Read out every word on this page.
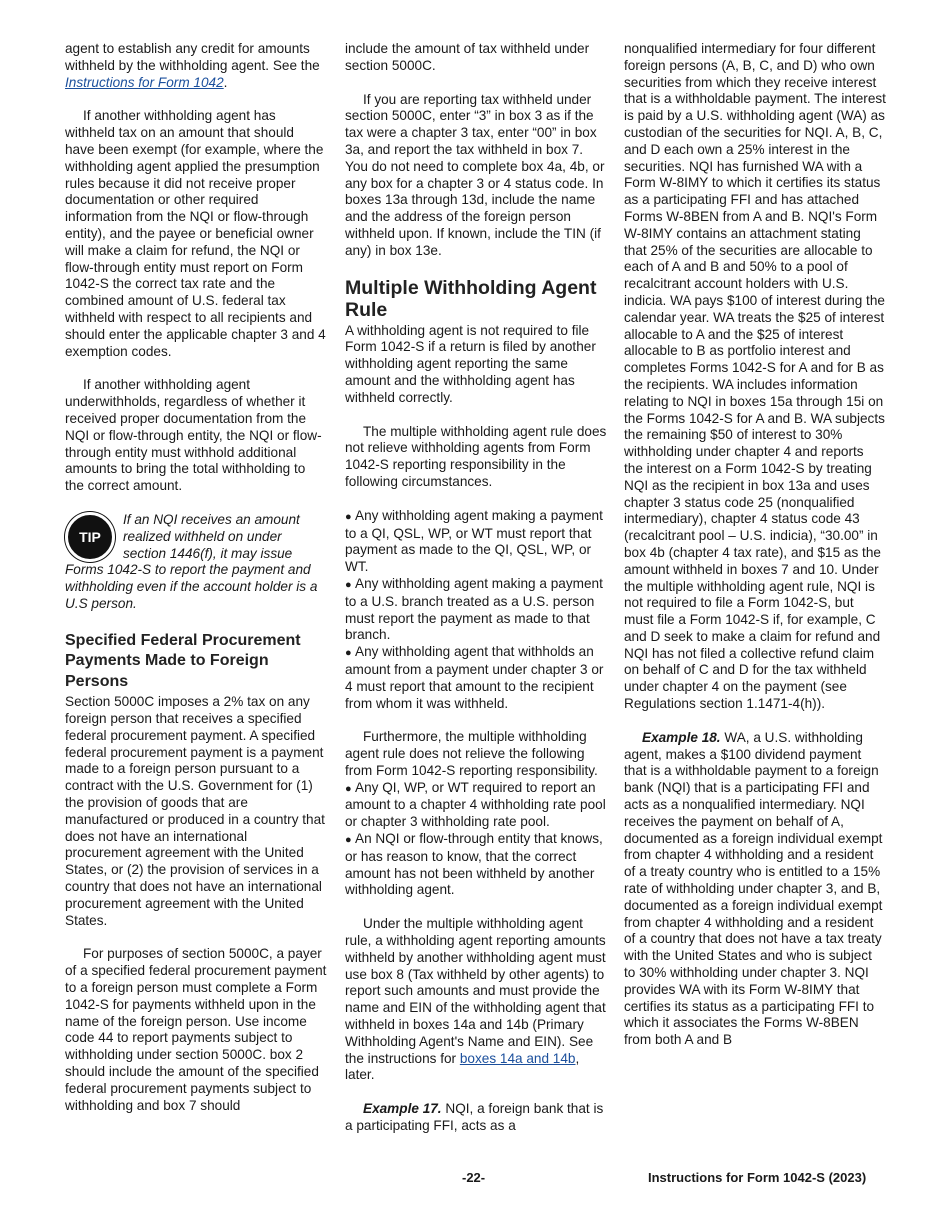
agent to establish any credit for amounts withheld by the withholding agent. See the Instructions for Form 1042.

If another withholding agent has withheld tax on an amount that should have been exempt (for example, where the withholding agent applied the presumption rules because it did not receive proper documentation or other required information from the NQI or flow-through entity), and the payee or beneficial owner will make a claim for refund, the NQI or flow-through entity must report on Form 1042-S the correct tax rate and the combined amount of U.S. federal tax withheld with respect to all recipients and should enter the applicable chapter 3 and 4 exemption codes.

If another withholding agent underwithholds, regardless of whether it received proper documentation from the NQI or flow-through entity, the NQI or flow-through entity must withhold additional amounts to bring the total withholding to the correct amount.

TIP
If an NQI receives an amount realized withheld on under section 1446(f), it may issue Forms 1042-S to report the payment and withholding even if the account holder is a U.S person.
Specified Federal Procurement Payments Made to Foreign Persons

Section 5000C imposes a 2% tax on any foreign person that receives a specified federal procurement payment. A specified federal procurement payment is a payment made to a foreign person pursuant to a contract with the U.S. Government for (1) the provision of goods that are manufactured or produced in a country that does not have an international procurement agreement with the United States, or (2) the provision of services in a country that does not have an international procurement agreement with the United States.

For purposes of section 5000C, a payer of a specified federal procurement payment to a foreign person must complete a Form 1042-S for payments withheld upon in the name of the foreign person. Use income code 44 to report payments subject to withholding under section 5000C. box 2 should include the amount of the specified federal procurement payments subject to withholding and box 7 should

include the amount of tax withheld under section 5000C.

If you are reporting tax withheld under section 5000C, enter “3” in box 3 as if the tax were a chapter 3 tax, enter “00” in box 3a, and report the tax withheld in box 7. You do not need to complete box 4a, 4b, or any box for a chapter 3 or 4 status code. In boxes 13a through 13d, include the name and the address of the foreign person withheld upon. If known, include the TIN (if any) in box 13e.

Multiple Withholding Agent Rule

A withholding agent is not required to file Form 1042-S if a return is filed by another withholding agent reporting the same amount and the withholding agent has withheld correctly.

The multiple withholding agent rule does not relieve withholding agents from Form 1042-S reporting responsibility in the following circumstances.

● Any withholding agent making a payment to a QI, QSL, WP, or WT must report that payment as made to the QI, QSL, WP, or WT.
● Any withholding agent making a payment to a U.S. branch treated as a U.S. person must report the payment as made to that branch.
● Any withholding agent that withholds an amount from a payment under chapter 3 or 4 must report that amount to the recipient from whom it was withheld.

Furthermore, the multiple withholding agent rule does not relieve the following from Form 1042-S reporting responsibility.

● Any QI, WP, or WT required to report an amount to a chapter 4 withholding rate pool or chapter 3 withholding rate pool.
● An NQI or flow-through entity that knows, or has reason to know, that the correct amount has not been withheld by another withholding agent.

Under the multiple withholding agent rule, a withholding agent reporting amounts withheld by another withholding agent must use box 8 (Tax withheld by other agents) to report such amounts and must provide the name and EIN of the withholding agent that withheld in boxes 14a and 14b (Primary Withholding Agent's Name and EIN). See the instructions for boxes 14a and 14b, later.

Example 17. NQI, a foreign bank that is a participating FFI, acts as a

nonqualified intermediary for four different foreign persons (A, B, C, and D) who own securities from which they receive interest that is a withholdable payment. The interest is paid by a U.S. withholding agent (WA) as custodian of the securities for NQI. A, B, C, and D each own a 25% interest in the securities. NQI has furnished WA with a Form W-8IMY to which it certifies its status as a participating FFI and has attached Forms W-8BEN from A and B. NQI's Form W-8IMY contains an attachment stating that 25% of the securities are allocable to each of A and B and 50% to a pool of recalcitrant account holders with U.S. indicia. WA pays $100 of interest during the calendar year. WA treats the $25 of interest allocable to A and the $25 of interest allocable to B as portfolio interest and completes Forms 1042-S for A and for B as the recipients. WA includes information relating to NQI in boxes 15a through 15i on the Forms 1042-S for A and B. WA subjects the remaining $50 of interest to 30% withholding under chapter 4 and reports the interest on a Form 1042-S by treating NQI as the recipient in box 13a and uses chapter 3 status code 25 (nonqualified intermediary), chapter 4 status code 43 (recalcitrant pool – U.S. indicia), “30.00” in box 4b (chapter 4 tax rate), and $15 as the amount withheld in boxes 7 and 10. Under the multiple withholding agent rule, NQI is not required to file a Form 1042-S, but must file a Form 1042-S if, for example, C and D seek to make a claim for refund and NQI has not filed a collective refund claim on behalf of C and D for the tax withheld under chapter 4 on the payment (see Regulations section 1.1471-4(h)).

Example 18. WA, a U.S. withholding agent, makes a $100 dividend payment that is a withholdable payment to a foreign bank (NQI) that is a participating FFI and acts as a nonqualified intermediary. NQI receives the payment on behalf of A, documented as a foreign individual exempt from chapter 4 withholding and a resident of a treaty country who is entitled to a 15% rate of withholding under chapter 3, and B, documented as a foreign individual exempt from chapter 4 withholding and a resident of a country that does not have a tax treaty with the United States and who is subject to 30% withholding under chapter 3. NQI provides WA with its Form W-8IMY that certifies its status as a participating FFI to which it associates the Forms W-8BEN from both A and B

-22-	Instructions for Form 1042-S (2023)
